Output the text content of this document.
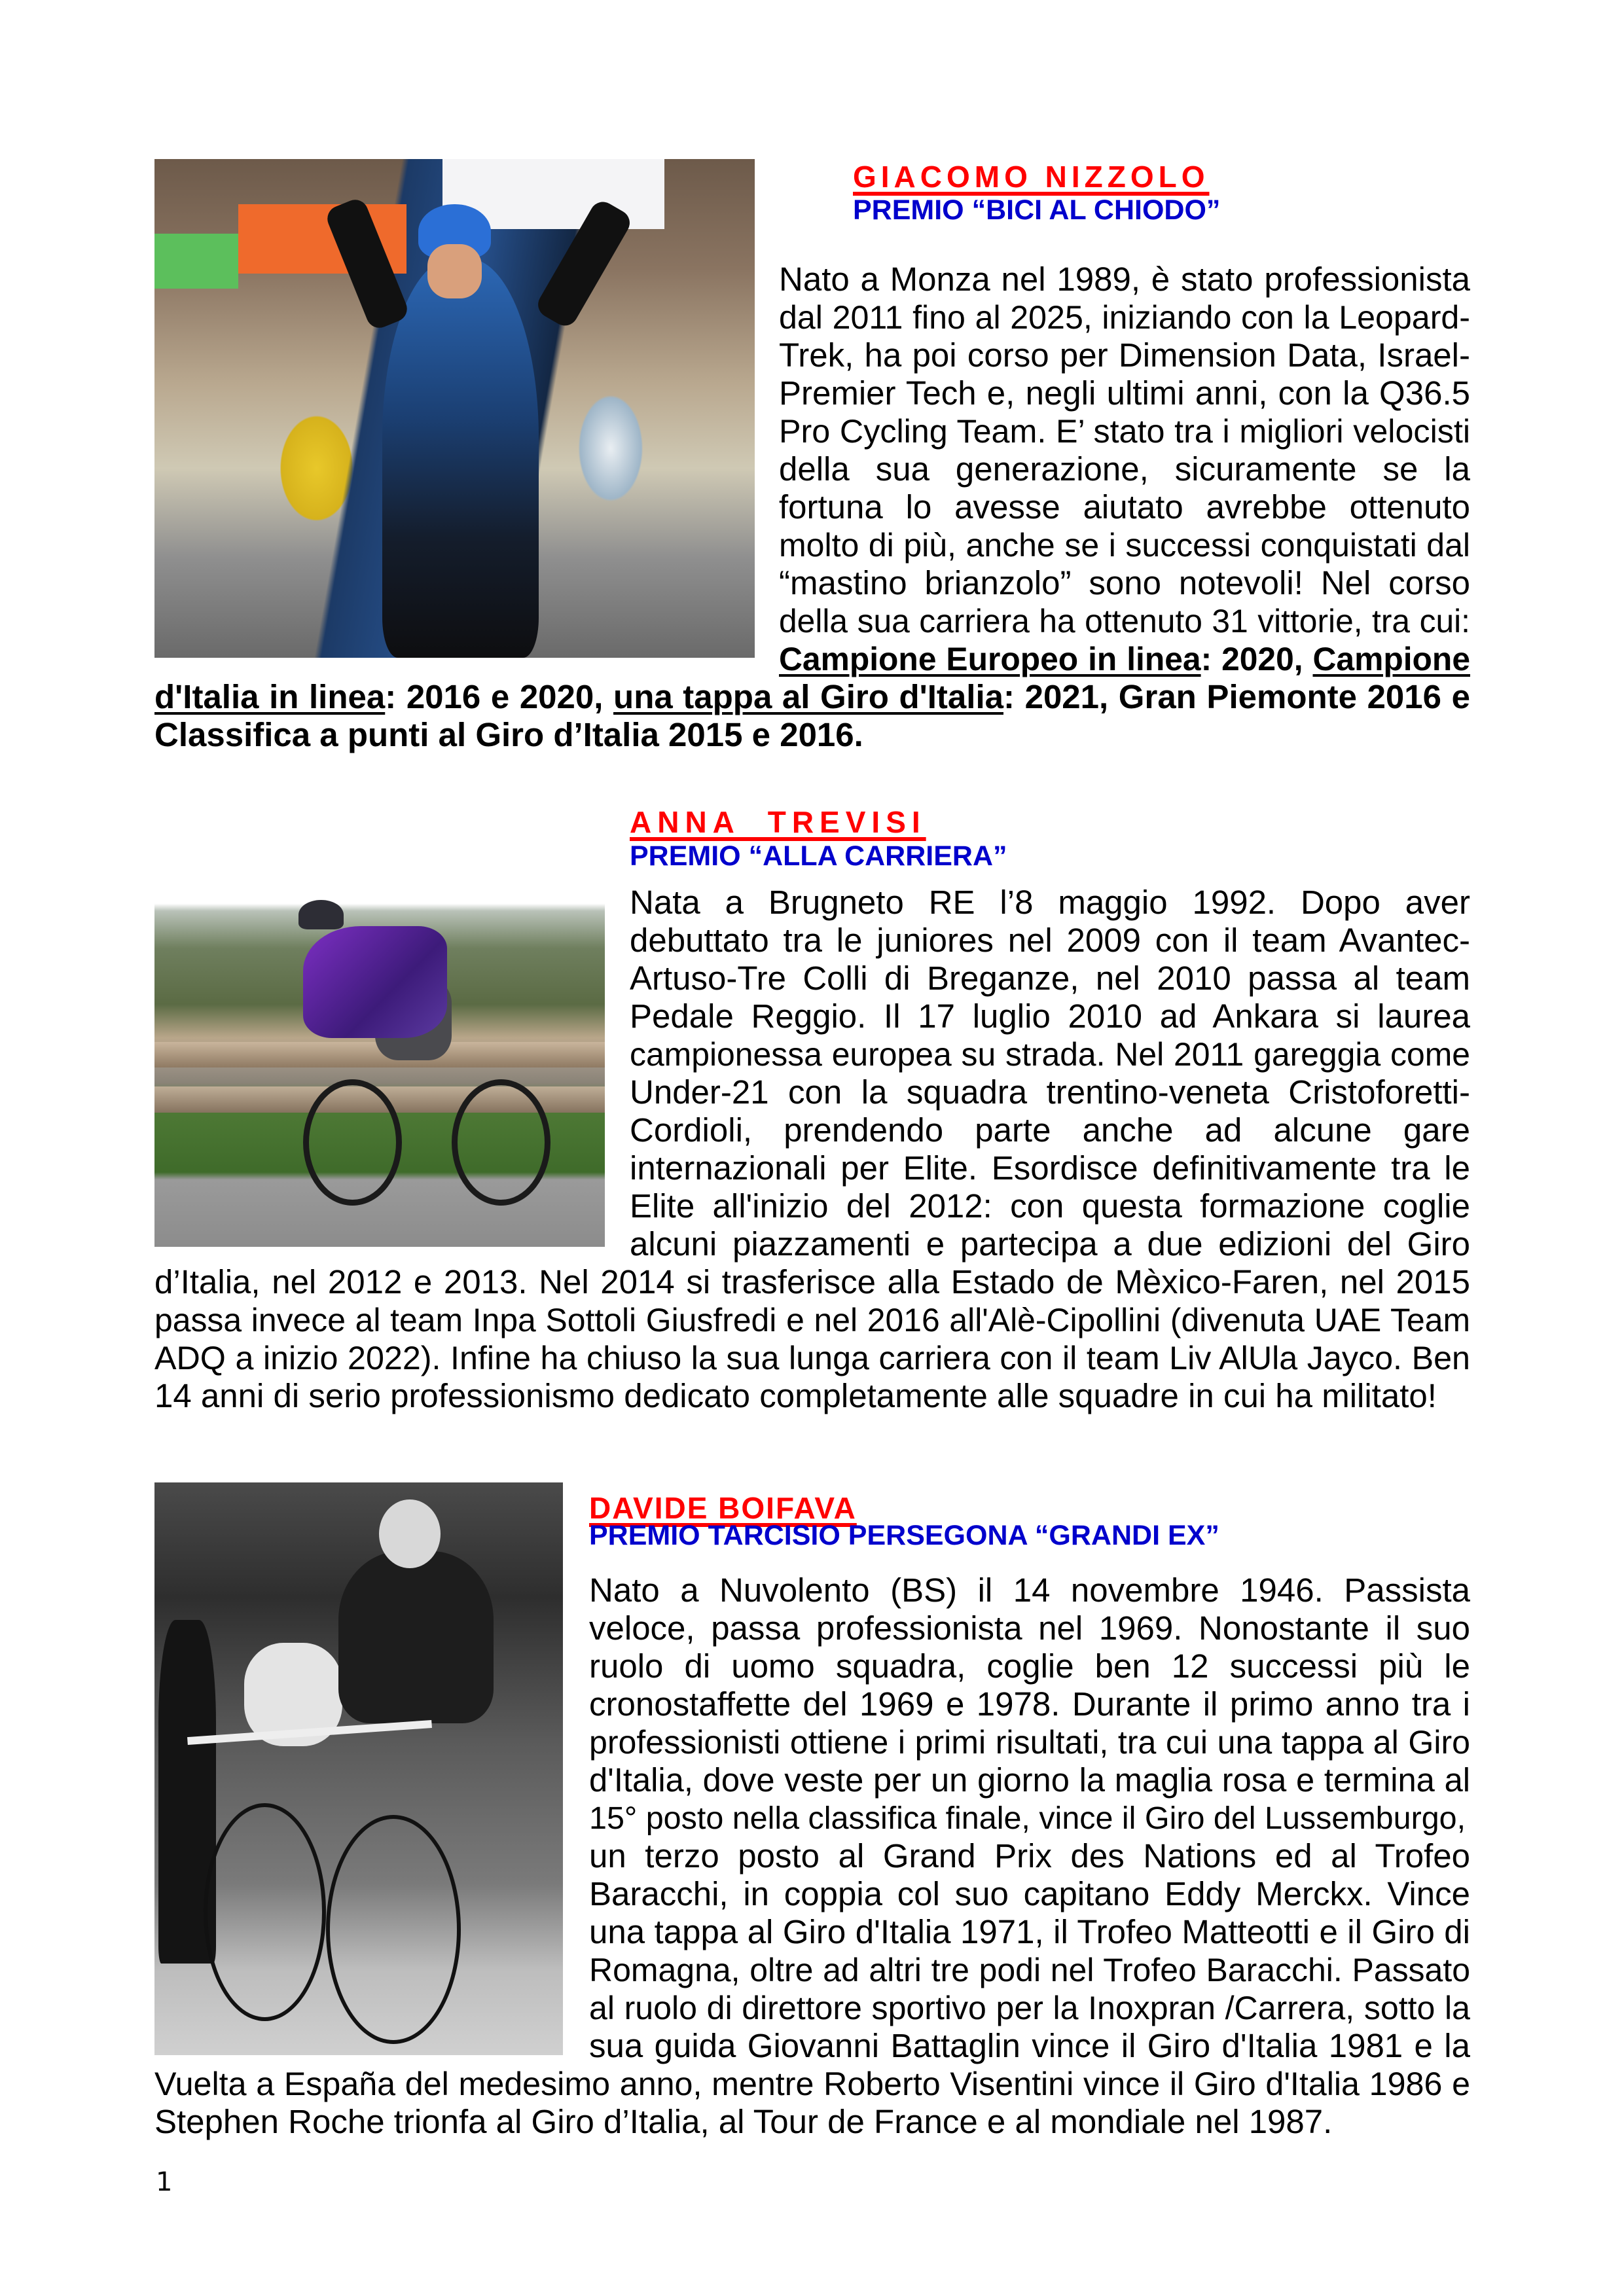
GIACOMO NIZZOLO
PREMIO “BICI AL CHIODO”
Nato a Monza nel 1989, è stato professionista
dal 2011 fino al 2025, iniziando con la Leopard-
Trek, ha poi corso per Dimension Data, Israel-
Premier Tech e, negli ultimi anni, con la Q36.5
Pro Cycling Team. E’ stato tra i migliori velocisti
della sua generazione, sicuramente se la
fortuna lo avesse aiutato avrebbe ottenuto
molto di più, anche se i successi conquistati dal
“mastino brianzolo” sono notevoli! Nel corso
della sua carriera ha ottenuto 31 vittorie, tra cui:
Campione Europeo in linea: 2020, Campione
d'Italia in linea: 2016 e 2020, una tappa al Giro d'Italia: 2021, Gran Piemonte 2016 e
Classifica a punti al Giro d’Italia 2015 e 2016.
ANNA  TREVISI
PREMIO “ALLA CARRIERA”
Nata a Brugneto RE l’8 maggio 1992. Dopo aver
debuttato tra le juniores nel 2009 con il team Avantec-
Artuso-Tre Colli di Breganze, nel 2010 passa al team
Pedale Reggio. Il 17 luglio 2010 ad Ankara si laurea
campionessa europea su strada. Nel 2011 gareggia come
Under-21 con la squadra trentino-veneta Cristoforetti-
Cordioli, prendendo parte anche ad alcune gare
internazionali per Elite. Esordisce definitivamente tra le
Elite all'inizio del 2012: con questa formazione coglie
alcuni piazzamenti e partecipa a due edizioni del Giro
d’Italia, nel 2012 e 2013. Nel 2014 si trasferisce alla Estado de Mèxico-Faren, nel 2015
passa invece al team Inpa Sottoli Giusfredi e nel 2016 all'Alè-Cipollini (divenuta UAE Team
ADQ a inizio 2022). Infine ha chiuso la sua lunga carriera con il team Liv AlUla Jayco. Ben
14 anni di serio professionismo dedicato completamente alle squadre in cui ha militato!
DAVIDE BOIFAVA
PREMIO TARCISIO PERSEGONA “GRANDI EX”
Nato a Nuvolento (BS) il 14 novembre 1946. Passista
veloce, passa professionista nel 1969. Nonostante il suo
ruolo di uomo squadra, coglie ben 12 successi più le
cronostaffette del 1969 e 1978. Durante il primo anno tra i
professionisti ottiene i primi risultati, tra cui una tappa al Giro
d'Italia, dove veste per un giorno la maglia rosa e termina al
15° posto nella classifica finale, vince il Giro del Lussemburgo,
un terzo posto al Grand Prix des Nations ed al Trofeo
Baracchi, in coppia col suo capitano Eddy Merckx. Vince
una tappa al Giro d'Italia 1971, il Trofeo Matteotti e il Giro di
Romagna, oltre ad altri tre podi nel Trofeo Baracchi. Passato
al ruolo di direttore sportivo per la Inoxpran /Carrera, sotto la
sua guida Giovanni Battaglin vince il Giro d'Italia 1981 e la
Vuelta a España del medesimo anno, mentre Roberto Visentini vince il Giro d'Italia 1986 e
Stephen Roche trionfa al Giro d’Italia, al Tour de France e al mondiale nel 1987.
1
